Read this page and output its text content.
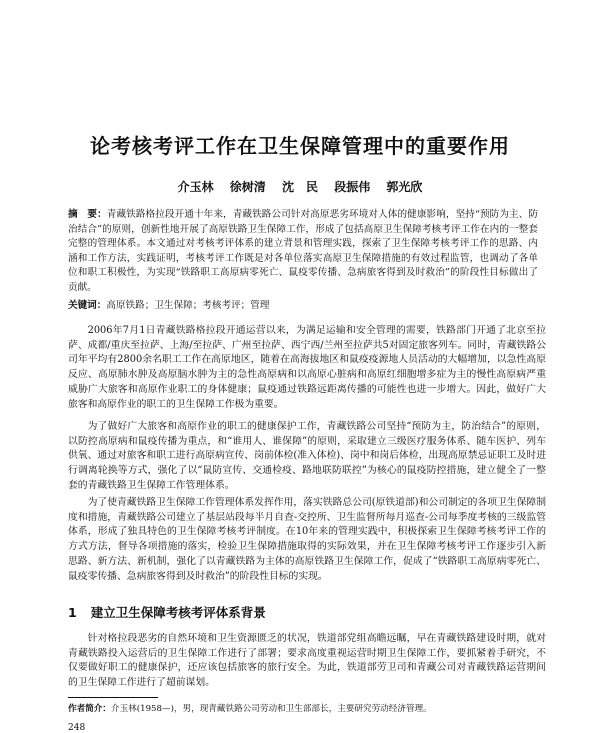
论考核考评工作在卫生保障管理中的重要作用
介玉林 徐树清 沈　民 段振伟 郭光欣
摘　要：青藏铁路格拉段开通十年来，青藏铁路公司针对高原恶劣环境对人体的健康影响，坚持“预防为主、防治结合”的原则，创新性地开展了高原铁路卫生保障工作，形成了包括高原卫生保障考核考评工作在内的一整套完整的管理体系。本文通过对考核考评体系的建立背景和管理实践，探索了卫生保障考核考评工作的思路、内涵和工作方法，实践证明，考核考评工作既是对各单位落实高原卫生保障措施的有效过程监管，也调动了各单位和职工积极性，为实现“铁路职工高原病零死亡、鼠疫零传播、急病旅客得到及时救治”的阶段性目标做出了贡献。
关键词：高原铁路；卫生保障；考核考评；管理

2006年7月1日青藏铁路格拉段开通运营以来，为满足运输和安全管理的需要，铁路部门开通了北京至拉萨、成都/重庆至拉萨、上海/至拉萨、广州至拉萨、西宁西/兰州至拉萨共5对固定旅客列车。同时，青藏铁路公司年平均有2800余名职工工作在高原地区，随着在高海拔地区和鼠疫疫源地人员活动的大幅增加，以急性高原反应、高原肺水肿及高原脑水肿为主的急性高原病和以高原心脏病和高原红细胞增多症为主的慢性高原病严重威胁广大旅客和高原作业职工的身体健康；鼠疫通过铁路远距离传播的可能性也进一步增大。因此，做好广大旅客和高原作业的职工的卫生保障工作极为重要。

为了做好广大旅客和高原作业的职工的健康保护工作，青藏铁路公司坚持“预防为主，防治结合”的原则，以防控高原病和鼠疫传播为重点，和“谁用人、谁保障”的原则，采取建立三级医疗服务体系、随车医护、列车供氧、通过对旅客和职工进行高原病宣传、岗前体检(准入体检)、岗中和岗后体检，出现高原禁忌证职工及时进行调离轮换等方式，强化了以“鼠防宣传、交通检疫、路地联防联控”为核心的鼠疫防控措施，建立健全了一整套的青藏铁路卫生保障工作管理体系。

为了使青藏铁路卫生保障工作管理体系发挥作用，落实铁路总公司(原铁道部)和公司制定的各项卫生保障制度和措施，青藏铁路公司建立了基层站段每半月自查-交控所、卫生监督所每月巡查-公司每季度考核的三级监管体系，形成了独具特色的卫生保障考核考评制度。在10年来的管理实践中，积极探索卫生保障考核考评工作的方式方法，督导各项措施的落实，检验卫生保障措施取得的实际效果，并在卫生保障考核考评工作逐步引入新思路、新方法、新机制，强化了以青藏铁路为主体的高原铁路卫生保障工作，促成了“铁路职工高原病零死亡、鼠疫零传播、急病旅客得到及时救治”的阶段性目标的实现。

1 建立卫生保障考核考评体系背景

针对格拉段恶劣的自然环境和卫生资源匮乏的状况，铁道部党组高瞻远瞩，早在青藏铁路建设时期，就对青藏铁路投入运营后的卫生保障工作进行了部署；要求高度重视运营时期卫生保障工作，要抓紧着手研究，不仅要做好职工的健康保护，还应该包括旅客的旅行安全。为此，铁道部劳卫司和青藏公司对青藏铁路运营期间的卫生保障工作进行了超前谋划。

作者简介：介玉林(1958—)，男，现青藏铁路公司劳动和卫生部部长，主要研究劳动经济管理。
248
